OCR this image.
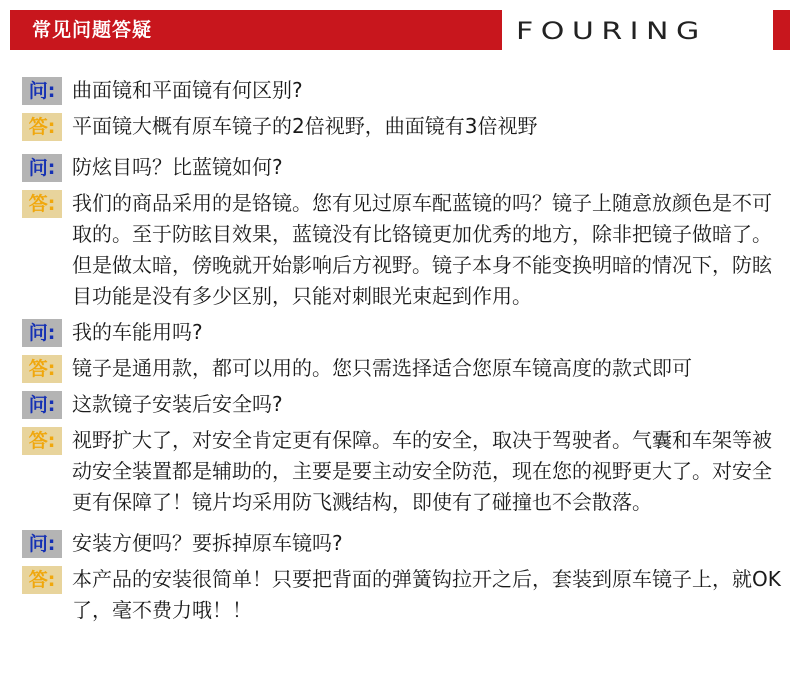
常见问题答疑	FOURING
问: 曲面镜和平面镜有何区别?
答: 平面镜大概有原车镜子的2倍视野，曲面镜有3倍视野
问: 防炫目吗？比蓝镜如何?
答: 我们的商品采用的是铬镜。您有见过原车配蓝镜的吗？镜子上随意放颜色是不可取的。至于防眩目效果，蓝镜没有比铬镜更加优秀的地方，除非把镜子做暗了。但是做太暗，傍晚就开始影响后方视野。镜子本身不能变换明暗的情况下，防眩目功能是没有多少区别，只能对刺眼光束起到作用。
问: 我的车能用吗?
答: 镜子是通用款，都可以用的。您只需选择适合您原车镜高度的款式即可
问: 这款镜子安装后安全吗?
答: 视野扩大了，对安全肯定更有保障。车的安全，取决于驾驶者。气囊和车架等被动安全装置都是辅助的，主要是要主动安全防范，现在您的视野更大了。对安全更有保障了！镜片均采用防飞溅结构，即使有了碰撞也不会散落。
问: 安装方便吗？要拆掉原车镜吗?
答: 本产品的安装很简单！只要把背面的弹簧钩拉开之后，套装到原车镜子上，就OK了，毫不费力哦！！
